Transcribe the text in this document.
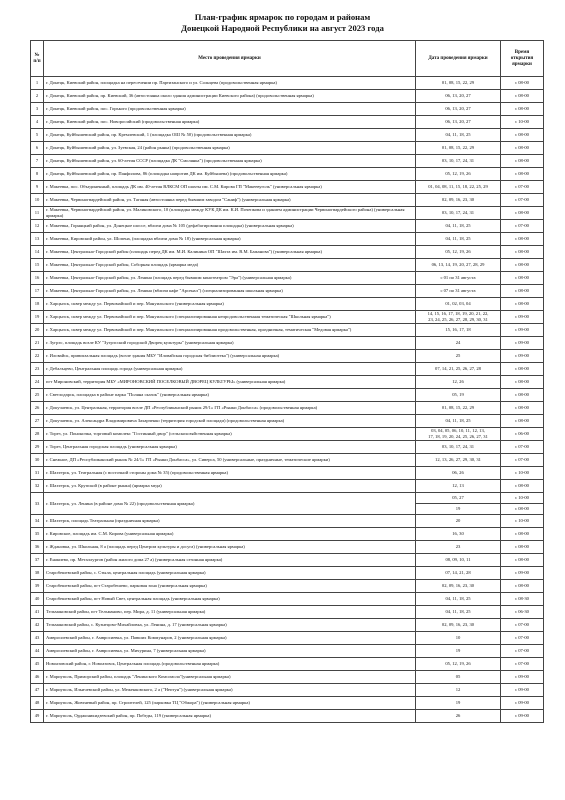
План-график ярмарок по городам и районам
Донецкой Народной Республики на август 2023 года
№ п/п	Место проведения ярмарки	Дата проведения ярмарки	Время открытия ярмарки
1	г. Донецк, Киевский район, площадка на пересечении пр. Партизанского и ул. Солнцева (продовольственная ярмарка)	01, 08, 15, 22, 29	с 08-00
2	г. Донецк, Киевский район, пр. Киевский, 36 (автостоянка около здания администрации Киевского района) (продовольственная ярмарка)	06, 13, 20, 27	с 08-00
3	г. Донецк, Киевский район, пос. Горького (продовольственная ярмарка)	06, 13, 20, 27	с 08-00
4	г. Донецк, Киевский район, пос. Новоросийский (продовольственная ярмарка)	06, 13, 20, 27	с 10-00
5	г. Донецк, Куйбышевский район, пр. Кремлевский, 1 (площадка ОШ № 50) (продовольственная ярмарка)	04, 11, 18, 25	с 08-00
6	г. Донецк, Куйбышевский район, ул. Зуевская, 24 (район рынка) (продовольственная ярмарка)	01, 08, 15, 22, 29	с 08-00
7	г. Донецк, Куйбышевский район, ул. 60-летия СССР (площадка ДК "Смолянка") (продовольственная ярмарка)	03, 10, 17, 24, 31	с 08-00
8	г. Донецк, Куйбышевский район, пр. Панфилова, 86 (площадка напротив ДК им. Куйбышева) (продовольственная ярмарка)	05, 12, 19, 26	с 08-00
9	г. Макеевка, пос. Объединенный, площадь ДК им. 40-летия ВЛКСМ ОП шахты им. С.М. Кирова ГП "Макеевуголь" (универсальная ярмарка)	01, 04, 08, 11, 15, 18, 22, 25, 29	с 07-00
10	г. Макеевка, Червоногвардейский район, ул. Таганая (автостоянка перед бывшим заводом "Саниф") (универсальная ярмарка)	02, 09, 16, 23, 30	с 07-00
11	г. Макеевка, Червоногвардейский район, ул. Малиновского, 10 (площадка между КУК ДК им. К.И. Почепкова и зданием администрации Червоногвардейского района) (универсальная ярмарка)	03, 10, 17, 24, 31	с 08-00
12	г. Макеевка, Горняцкий район, ул. Донецкое шоссе, вблизи дома № 105 (дефабагирования площадка) (универсальная ярмарка)	04, 11, 18, 25	с 07-00
13	г. Макеевка, Кировский район, ул. Шопена, (площадка вблизи дома № 18) (универсальная ярмарка)	04, 11, 18, 25	с 08-00
14	г. Макеевка, Центрально-Городской район (площадь перед ДК им. М.И. Калинина ОП "Шахта им. В.М. Бажанова") (универсальная ярмарка)	05, 12, 19, 26	с 08-00
15	г. Макеевка, Центрально-Городской район, Соборная площадь (ярмарка меда)	06, 13, 14, 19, 20, 27, 28, 29	с 08-00
16	г. Макеевка, Центрально-Городской район, ул. Ленина (площадь перед бывшим кинотеатром "Эра") (универсальная ярмарка)	с 01 по 31 августа	с 08-00
17	г. Макеевка, Центрально-Городской район, ул. Ленина (вблизи кафе "Арсенал") (специализированная школьная ярмарка)	с 07 по 31 августа	с 08-00
18	г. Харцызск, сквер между ул. Первомайской и пер. Мануильского (универсальная ярмарка)	01, 02, 03, 04	с 08-00
19	г. Харцызск, сквер между ул. Первомайской и пер. Мануильского (специализированная непродовольственная тематическая "Школьная ярмарка")	14, 15, 16, 17, 18, 19, 20, 21, 22,
23, 24, 25, 26, 27, 28, 29, 30, 31	с 09-00
20	г. Харцызск, сквер между ул. Первомайской и пер. Мануильского (специализированная продовольственная, праздничная, тематическая "Медовая ярмарка")	15, 16, 17, 18	с 09-00
21	г. Зугрэс, площадь возле КУ "Зугрэсский городской Дворец культуры" (универсальная ярмарка)	24	с 09-00
22	г. Иловайск, привокзальная площадь (возле здания МБУ "Иловайская городская библиотека") (универсальная ярмарка)	25	с 09-00
23	г. Дебальцево, Центральная площадь города (универсальная ярмарка)	07, 14, 21, 25, 26, 27, 28	с 08-00
24	пгт Мироновский, территория МБУ «МИРОНОВСКИЙ ПОСЕЛКОВЫЙ ДВОРЕЦ КУЛЬТУРЫ» (универсальная ярмарка)	12, 26	с 08-00
25	г. Светлодарск, площадка в районе парка "Поляна сказок" (универсальная ярмарка)	05, 19	с 08-00
26	г. Докучаевск, ул. Центральная, территория возле ДП «Республиканский рынок 29/1» ГП «Рынки Донбасса» (продовольственная ярмарка)	01, 08, 15, 22, 29	с 08-00
27	г. Докучаевск, ул. Александра Владимировича Захарченко (территория городской площади) (продовольственная ярмарка)	04, 11, 18, 25	с 08-00
28	г. Торез, ул. Пононочка, торговый комплекс "Гостинный двор" (сельскохозяйственная ярмарка)	03, 04, 05, 06, 10, 11, 12, 13,
17, 18, 19, 20, 24, 25, 26, 27, 31	с 06-00
29	г. Торез, Центральная городская площадь (универсальная ярмарка)	03, 10, 17, 24, 31	с 07-00
30	г. Снежное, ДП «Республиканский рынок № 24/1» ГП «Рынки Донбасса», ул. Сиверса, 50 (универсальные, праздничные, тематические ярмарки)	12, 13, 26, 27, 29, 30, 31	с 07-00
31	г. Шахтерск, ул. Театральная (с восточной стороны дома № 35) (продовольственная ярмарка)	06, 26	с 10-00
32	г. Шахтерск, ул. Крупской (в районе рынка) (ярмарка меда)	12, 13	с 08-00
33	г. Шахтерск, ул. Ленина (в районе дома № 22) (продовольственная ярмарка)	05, 27	с 10-00
		19	с 08-00
34	г. Шахтерск, площадь Театральная (праздничная ярмарка)	20	с 10-00
35	г. Кировское, площадь им. С.М. Кирова (универсальная ярмарка)	16, 30	с 08-00
36	г. Ждановка, ул. Школьная, 8 а (площадь перед Центром культуры и досуга) (универсальная ярмарка)	23	с 08-00
37	г. Енакиево, пр. Металлургов (район жилого дома 27 а) (универсальная сезонная ярмарка)	08, 09, 10, 11	с 08-00
38	Старобешевский район, с. Стыла, центральная площадь (универсальная ярмарка)	07, 14, 21, 28	с 09-00
39	Старобешевский район, пгт Старобешево, парковая зона (универсальная ярмарка)	02, 09, 16, 23, 30	с 08-00
40	Старобешевский район, пгт Новый Свет, центральная площадь (универсальная ярмарка)	04, 11, 18, 25	с 08-30
41	Тельмановский район, пгт Тельманово, пер. Мира, д. 11 (универсальная ярмарка)	04, 11, 18, 25	с 06-30
42	Тельмановский район, с. Кузнецово-Михайловка, ул. Ленина, д. 17 (универсальная ярмарка)	02, 09, 16, 23, 30	с 07-00
43	Амвросиевский район, г. Амвросиевка, ул. Павших Коммунаров, 2 (универсальная ярмарка)	10	с 07-00
44	Амвросиевский район, г. Амвросиевка, ул. Мичурина, 7 (универсальная ярмарка)	19	с 07-00
45	Новоазовский район, г. Новоазовск, Центральная площадь (продовольственная ярмарка)	05, 12, 19, 26	с 07-00
46	г. Мариуполь, Приморский район, площадь "Ленинского Комсомола"(универсальная ярмарка)	05	с 09-00
47	г. Мариуполь, Ильичевский район, ул. Меженковского, 2 а ("Нептун") (универсальная ярмарка)	12	с 09-00
48	г. Мариуполь, Жовтневый район, пр. Строителей, 125 (парковка ТЦ "Обжора") (универсальная ярмарка)	19	с 09-00
49	г. Мариуполь, Орджоникидзевский район, пр. Победы, 119 (универсальная ярмарка)	26	с 09-00
